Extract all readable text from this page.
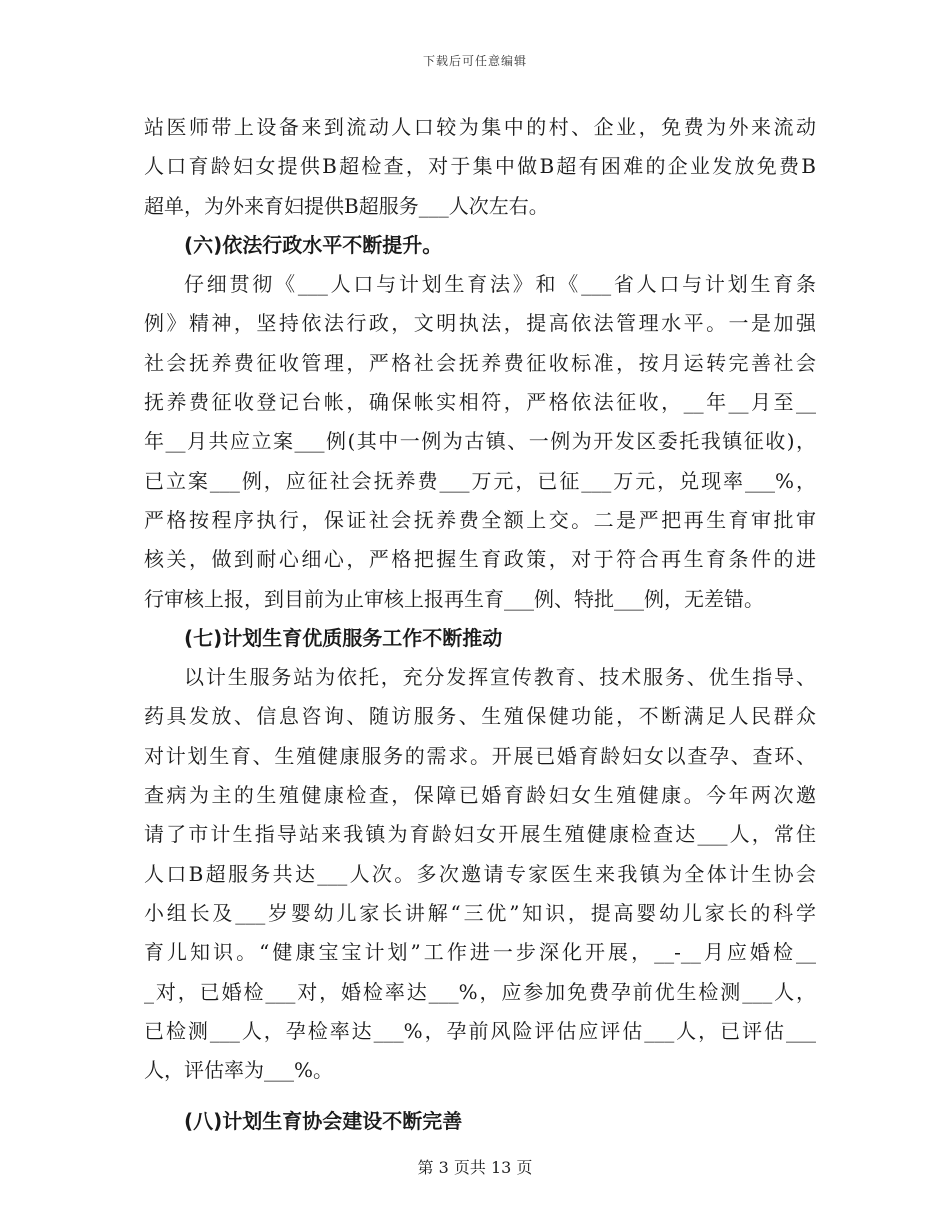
下载后可任意编辑
站医师带上设备来到流动人口较为集中的村、企业，免费为外来流动
人口育龄妇女提供B超检查，对于集中做B超有困难的企业发放免费B
超单，为外来育妇提供B超服务___人次左右。
(六)依法行政水平不断提升。
仔细贯彻《___人口与计划生育法》和《___省人口与计划生育条
例》精神，坚持依法行政，文明执法，提高依法管理水平。一是加强
社会抚养费征收管理，严格社会抚养费征收标准，按月运转完善社会
抚养费征收登记台帐，确保帐实相符，严格依法征收，__年__月至__
年__月共应立案___例(其中一例为古镇、一例为开发区委托我镇征收)，
已立案___例，应征社会抚养费___万元，已征___万元，兑现率___%，
严格按程序执行，保证社会抚养费全额上交。二是严把再生育审批审
核关，做到耐心细心，严格把握生育政策，对于符合再生育条件的进
行审核上报，到目前为止审核上报再生育___例、特批___例，无差错。
(七)计划生育优质服务工作不断推动
以计生服务站为依托，充分发挥宣传教育、技术服务、优生指导、
药具发放、信息咨询、随访服务、生殖保健功能，不断满足人民群众
对计划生育、生殖健康服务的需求。开展已婚育龄妇女以查孕、查环、
查病为主的生殖健康检查，保障已婚育龄妇女生殖健康。今年两次邀
请了市计生指导站来我镇为育龄妇女开展生殖健康检查达___人，常住
人口B超服务共达___人次。多次邀请专家医生来我镇为全体计生协会
小组长及___岁婴幼儿家长讲解“三优”知识，提高婴幼儿家长的科学
育儿知识。“健康宝宝计划”工作进一步深化开展，__-__月应婚检__
_对，已婚检___对，婚检率达___%，应参加免费孕前优生检测___人，
已检测___人，孕检率达___%，孕前风险评估应评估___人，已评估___
人，评估率为___%。
(八)计划生育协会建设不断完善
第 3 页共 13 页
